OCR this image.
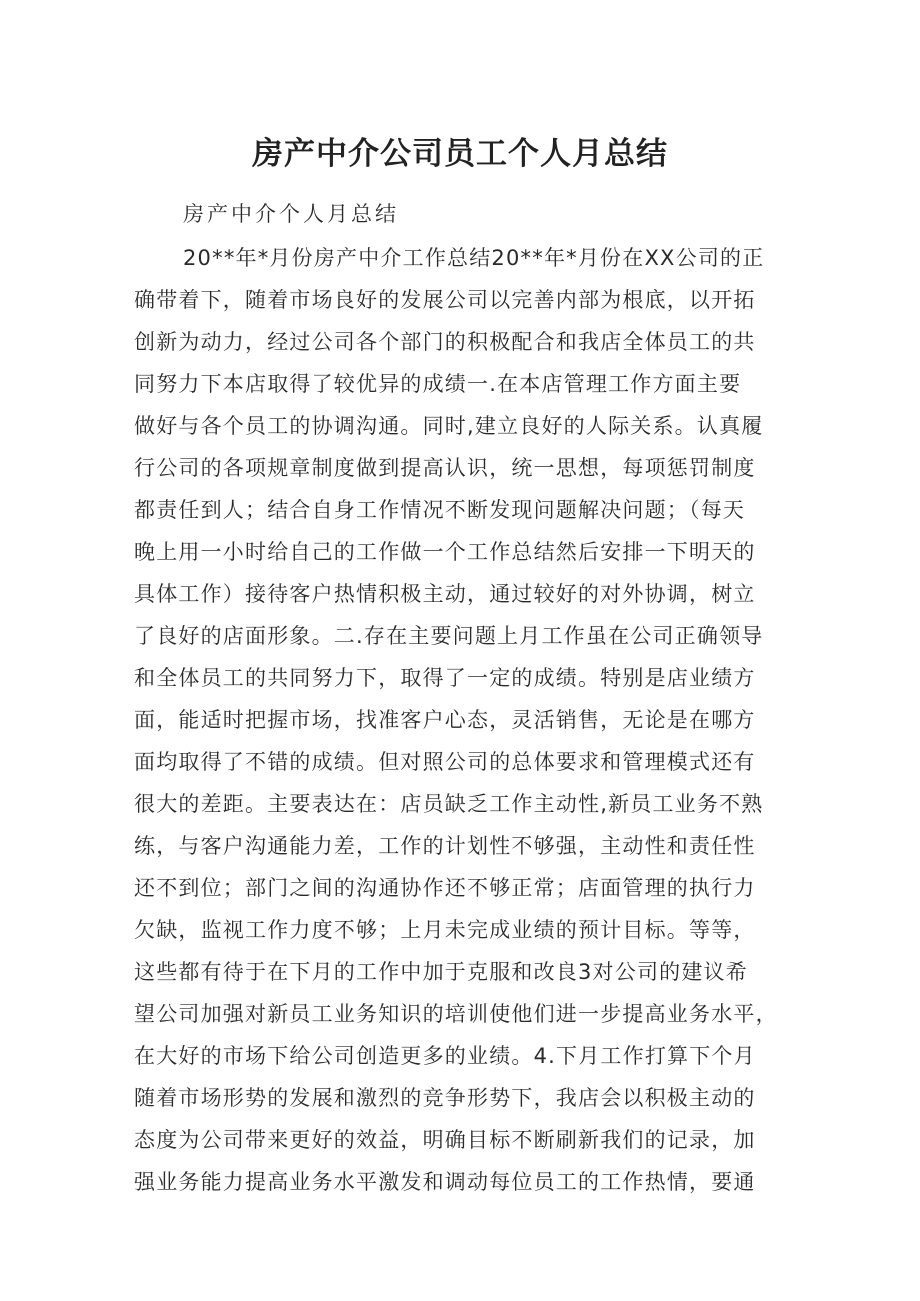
房产中介公司员工个人月总结

房产中介个人月总结

20**年*月份房产中介工作总结20**年*月份在XX公司的正
确带着下，随着市场良好的发展公司以完善内部为根底，以开拓
创新为动力，经过公司各个部门的积极配合和我店全体员工的共
同努力下本店取得了较优异的成绩一.在本店管理工作方面主要
做好与各个员工的协调沟通。同时,建立良好的人际关系。认真履
行公司的各项规章制度做到提高认识，统一思想，每项惩罚制度
都责任到人；结合自身工作情况不断发现问题解决问题；（每天
晚上用一小时给自己的工作做一个工作总结然后安排一下明天的
具体工作）接待客户热情积极主动，通过较好的对外协调，树立
了良好的店面形象。二.存在主要问题上月工作虽在公司正确领导
和全体员工的共同努力下，取得了一定的成绩。特别是店业绩方
面，能适时把握市场，找准客户心态，灵活销售，无论是在哪方
面均取得了不错的成绩。但对照公司的总体要求和管理模式还有
很大的差距。主要表达在：店员缺乏工作主动性,新员工业务不熟
练，与客户沟通能力差，工作的计划性不够强，主动性和责任性
还不到位；部门之间的沟通协作还不够正常；店面管理的执行力
欠缺，监视工作力度不够；上月未完成业绩的预计目标。等等，
这些都有待于在下月的工作中加于克服和改良3对公司的建议希
望公司加强对新员工业务知识的培训使他们进一步提高业务水平，
在大好的市场下给公司创造更多的业绩。4.下月工作打算下个月
随着市场形势的发展和激烈的竞争形势下，我店会以积极主动的
态度为公司带来更好的效益，明确目标不断刷新我们的记录，加
强业务能力提高业务水平激发和调动每位员工的工作热情，要通
